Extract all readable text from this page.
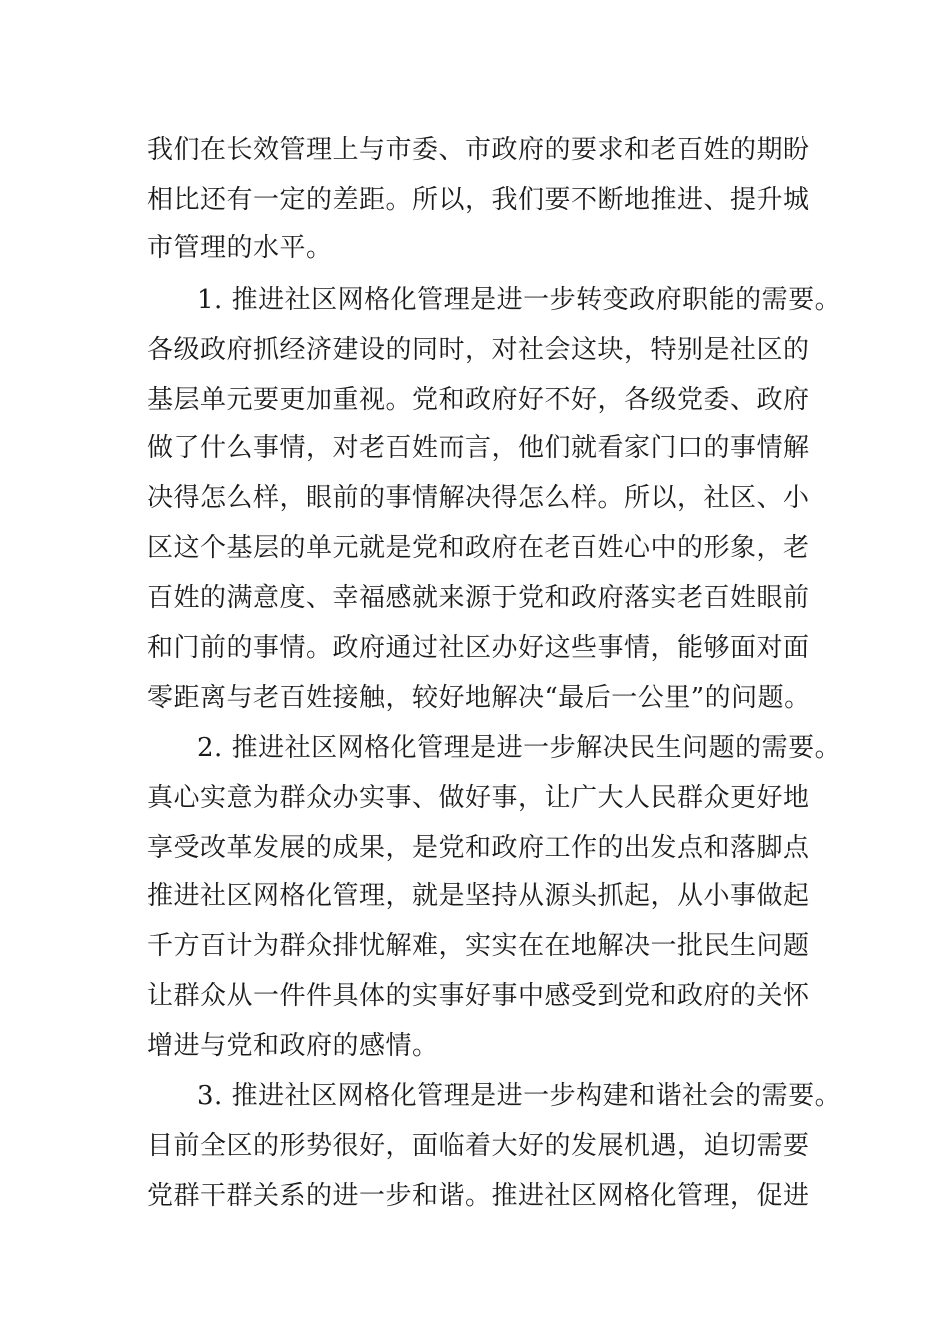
我们在长效管理上与市委、市政府的要求和老百姓的期盼
相比还有一定的差距。所以，我们要不断地推进、提升城
市管理的水平。
1. 推进社区网格化管理是进一步转变政府职能的需要。
各级政府抓经济建设的同时，对社会这块，特别是社区的
基层单元要更加重视。党和政府好不好，各级党委、政府
做了什么事情，对老百姓而言，他们就看家门口的事情解
决得怎么样，眼前的事情解决得怎么样。所以，社区、小
区这个基层的单元就是党和政府在老百姓心中的形象，老
百姓的满意度、幸福感就来源于党和政府落实老百姓眼前
和门前的事情。政府通过社区办好这些事情，能够面对面
零距离与老百姓接触，较好地解决“最后一公里”的问题。
2. 推进社区网格化管理是进一步解决民生问题的需要。
真心实意为群众办实事、做好事，让广大人民群众更好地
享受改革发展的成果，是党和政府工作的出发点和落脚点
推进社区网格化管理，就是坚持从源头抓起，从小事做起
千方百计为群众排忧解难，实实在在地解决一批民生问题
让群众从一件件具体的实事好事中感受到党和政府的关怀
增进与党和政府的感情。
3. 推进社区网格化管理是进一步构建和谐社会的需要。
目前全区的形势很好，面临着大好的发展机遇，迫切需要
党群干群关系的进一步和谐。推进社区网格化管理，促进
